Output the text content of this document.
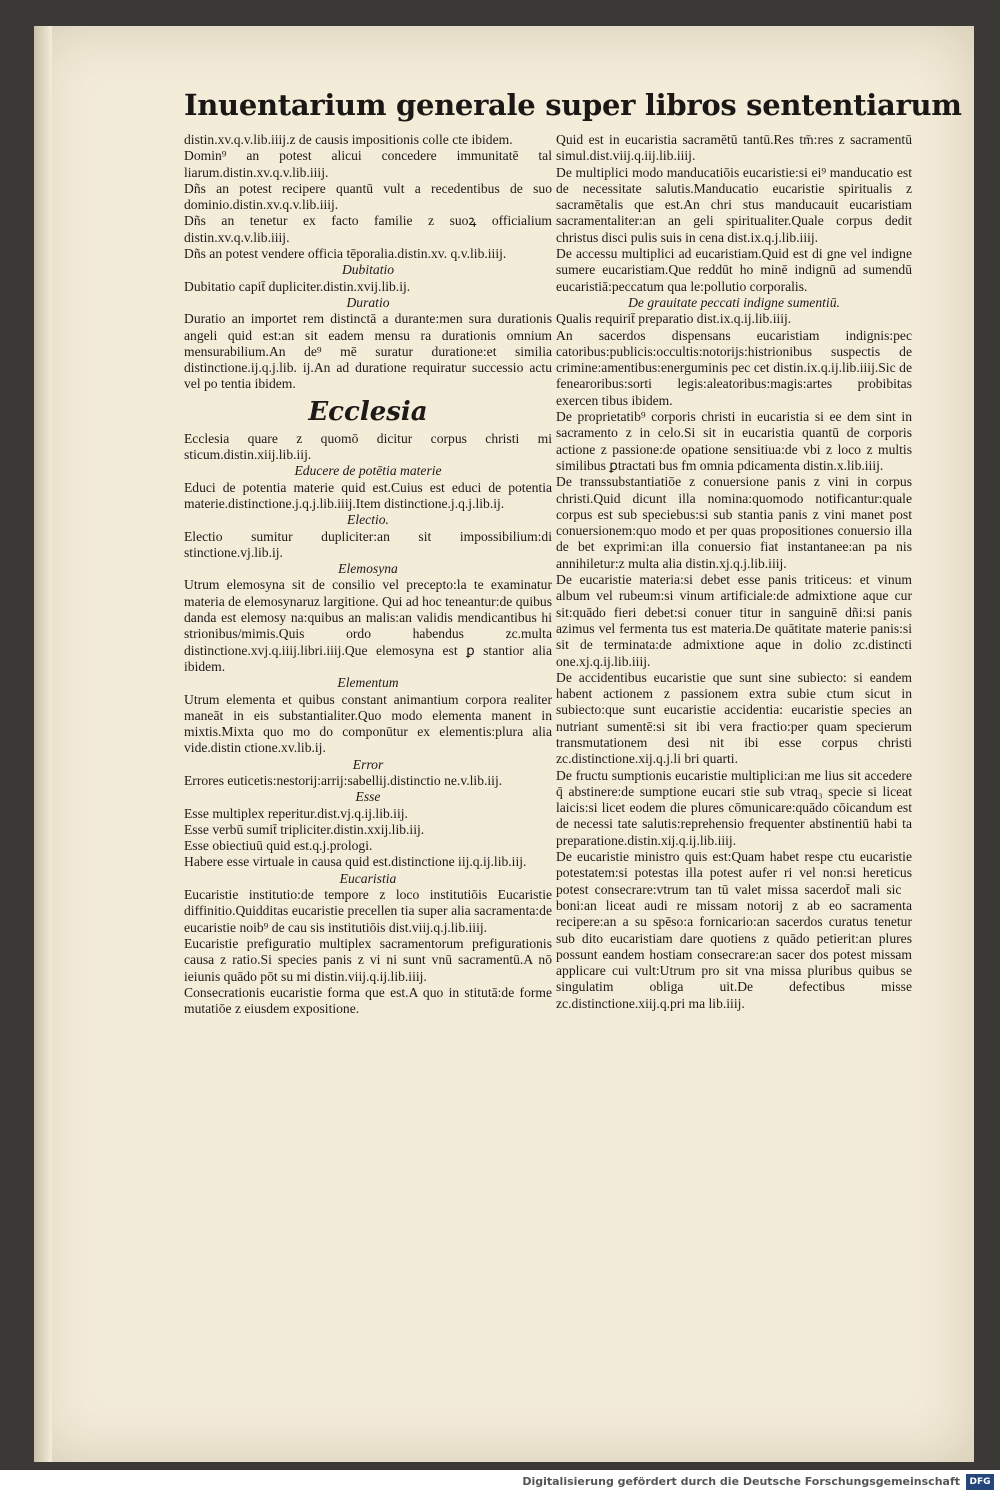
Inuentarium generale super libros sententiarum

distin.xv.q.v.lib.iiij.z de causis impositionis colle cte ibidem.

Domin⁹ an potest alicui concedere immunitatē tal liarum.distin.xv.q.v.lib.iiij.

Dñs an potest recipere quantū vult a recedentibus de suo dominio.distin.xv.q.v.lib.iiij.

Dñs an tenetur ex facto familie z suoꝝ officialium distin.xv.q.v.lib.iiij.

Dñs an potest vendere officia tēporalia.distin.xv. q.v.lib.iiij.

Dubitatio

Dubitatio capit̄ dupliciter.distin.xvij.lib.ij.

Duratio

Duratio an importet rem distinctā a durante:men sura durationis angeli quid est:an sit eadem mensu ra durationis omnium mensurabilium.An de⁹ mē suratur duratione:et similia distinctione.ij.q.j.lib. ij.An ad duratione requiratur successio actu vel po tentia ibidem.

Ecclesia

Ecclesia quare z quomō dicitur corpus christi mi sticum.distin.xiij.lib.iij.

Educere de potētia materie

Educi de potentia materie quid est.Cuius est educi de potentia materie.distinctione.j.q.j.lib.iiij.Item distinctione.j.q.j.lib.ij.

Electio.

Electio sumitur dupliciter:an sit impossibilium:di stinctione.vj.lib.ij.

Elemosyna

Utrum elemosyna sit de consilio vel precepto:la te examinatur materia de elemosynaruz largitione. Qui ad hoc teneantur:de quibus danda est elemosy na:quibus an malis:an validis mendicantibus hi strionibus/mimis.Quis ordo habendus zc.multa distinctione.xvj.q.iiij.libri.iiij.Que elemosyna est ꝑ stantior alia ibidem.

Elementum

Utrum elementa et quibus constant animantium corpora realiter maneāt in eis substantialiter.Quo modo elementa manent in mixtis.Mixta quo mo do componūtur ex elementis:plura alia vide.distin ctione.xv.lib.ij.

Error

Errores euticetis:nestorij:arrij:sabellij.distinctio ne.v.lib.iij.

Esse

Esse multiplex reperitur.dist.vj.q.ij.lib.iij.

Esse verbū sumit̄ tripliciter.distin.xxij.lib.iij.

Esse obiectiuū quid est.q.j.prologi.

Habere esse virtuale in causa quid est.distinctione iij.q.ij.lib.iij.

Eucaristia

Eucaristie institutio:de tempore z loco institutiōis Eucaristie diffinitio.Quidditas eucaristie precellen tia super alia sacramenta:de eucaristie noib⁹ de cau sis institutiōis dist.viij.q.j.lib.iiij.

Eucaristie prefiguratio multiplex sacramentorum prefigurationis causa z ratio.Si species panis z vi ni sunt vnū sacramentū.A nō ieiunis quādo pōt su mi distin.viij.q.ij.lib.iiij.

Consecrationis eucaristie forma que est.A quo in stitutā:de forme mutatiōe z eiusdem expositione.

Quid est in eucaristia sacramētū tantū.Res tm̄:res z sacramentū simul.dist.viij.q.iij.lib.iiij.

De multiplici modo manducatiōis eucaristie:si ei⁹ manducatio est de necessitate salutis.Manducatio eucaristie spiritualis z sacramētalis que est.An chri stus manducauit eucaristiam sacramentaliter:an an geli spiritualiter.Quale corpus dedit christus disci pulis suis in cena dist.ix.q.j.lib.iiij.

De accessu multiplici ad eucaristiam.Quid est di gne vel indigne sumere eucaristiam.Que reddūt ho minē indignū ad sumendū eucaristiā:peccatum qua le:pollutio corporalis.

De grauitate peccati indigne sumentiū.

Qualis requirit̄ preparatio dist.ix.q.ij.lib.iiij.

An sacerdos dispensans eucaristiam indignis:pec catoribus:publicis:occultis:notorijs:histrionibus suspectis de crimine:amentibus:energuminis pec cet distin.ix.q.ij.lib.iiij.Sic de fenearoribus:sorti legis:aleatoribus:magis:artes probibitas exercen tibus ibidem.

De proprietatib⁹ corporis christi in eucaristia si ee dem sint in sacramento z in celo.Si sit in eucaristia quantū de corporis actione z passione:de opatione sensitiua:de vbi z loco z multis similibus ꝑtractati bus fm omnia pdicamenta distin.x.lib.iiij.

De transsubstantiatiōe z conuersione panis z vini in corpus christi.Quid dicunt illa nomina:quomodo notificantur:quale corpus est sub speciebus:si sub stantia panis z vini manet post conuersionem:quo modo et per quas propositiones conuersio illa de bet exprimi:an illa conuersio fiat instantanee:an pa nis annihiletur:z multa alia distin.xj.q.j.lib.iiij.

De eucaristie materia:si debet esse panis triticeus: et vinum album vel rubeum:si vinum artificiale:de admixtione aque cur sit:quādo fieri debet:si conuer titur in sanguinē dñi:si panis azimus vel fermenta tus est materia.De quātitate materie panis:si sit de terminata:de admixtione aque in dolio zc.distincti one.xj.q.ij.lib.iiij.

De accidentibus eucaristie que sunt sine subiecto: si eandem habent actionem z passionem extra subie ctum sicut in subiecto:que sunt eucaristie accidentia: eucaristie species an nutriant sumentē:si sit ibi vera fractio:per quam specierum transmutationem desi nit ibi esse corpus christi zc.distinctione.xij.q.j.li bri quarti.

De fructu sumptionis eucaristie multiplici:an me lius sit accedere q̄ abstinere:de sumptione eucari stie sub vtraq₃ specie si liceat laicis:si licet eodem die plures cōmunicare:quādo cōicandum est de necessi tate salutis:reprehensio frequenter abstinentiū habi ta preparatione.distin.xij.q.ij.lib.iiij.

De eucaristie ministro quis est:Quam habet respe ctu eucaristie potestatem:si potestas illa potest aufer ri vel non:si hereticus potest consecrare:vtrum tan tū valet missa sacerdot̄ mali sicᷣ boni:an liceat audi re missam notorij z ab eo sacramenta recipere:an a su spēso:a fornicario:an sacerdos curatus tenetur sub dito eucaristiam dare quotiens z quādo petierit:an plures possunt eandem hostiam consecrare:an sacer dos potest missam applicare cui vult:Utrum pro sit vna missa pluribus quibus se singulatim obliga uit.De defectibus misse zc.distinctione.xiij.q.pri ma lib.iiij.

Digitalisierung gefördert durch die Deutsche Forschungsgemeinschaft	DFG
